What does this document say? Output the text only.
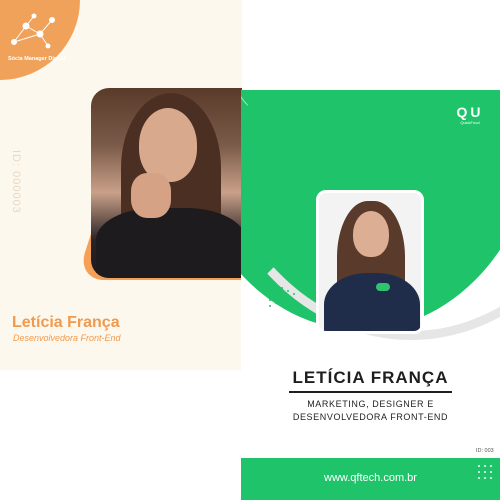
Sócia Manager Digital
ID: 000003
Letícia França
Desenvolvedora Front-End
QU
QuickFood
LETÍCIA FRANÇA
MARKETING, DESIGNER E
DESENVOLVEDORA FRONT-END
ID: 003
www.qftech.com.br
